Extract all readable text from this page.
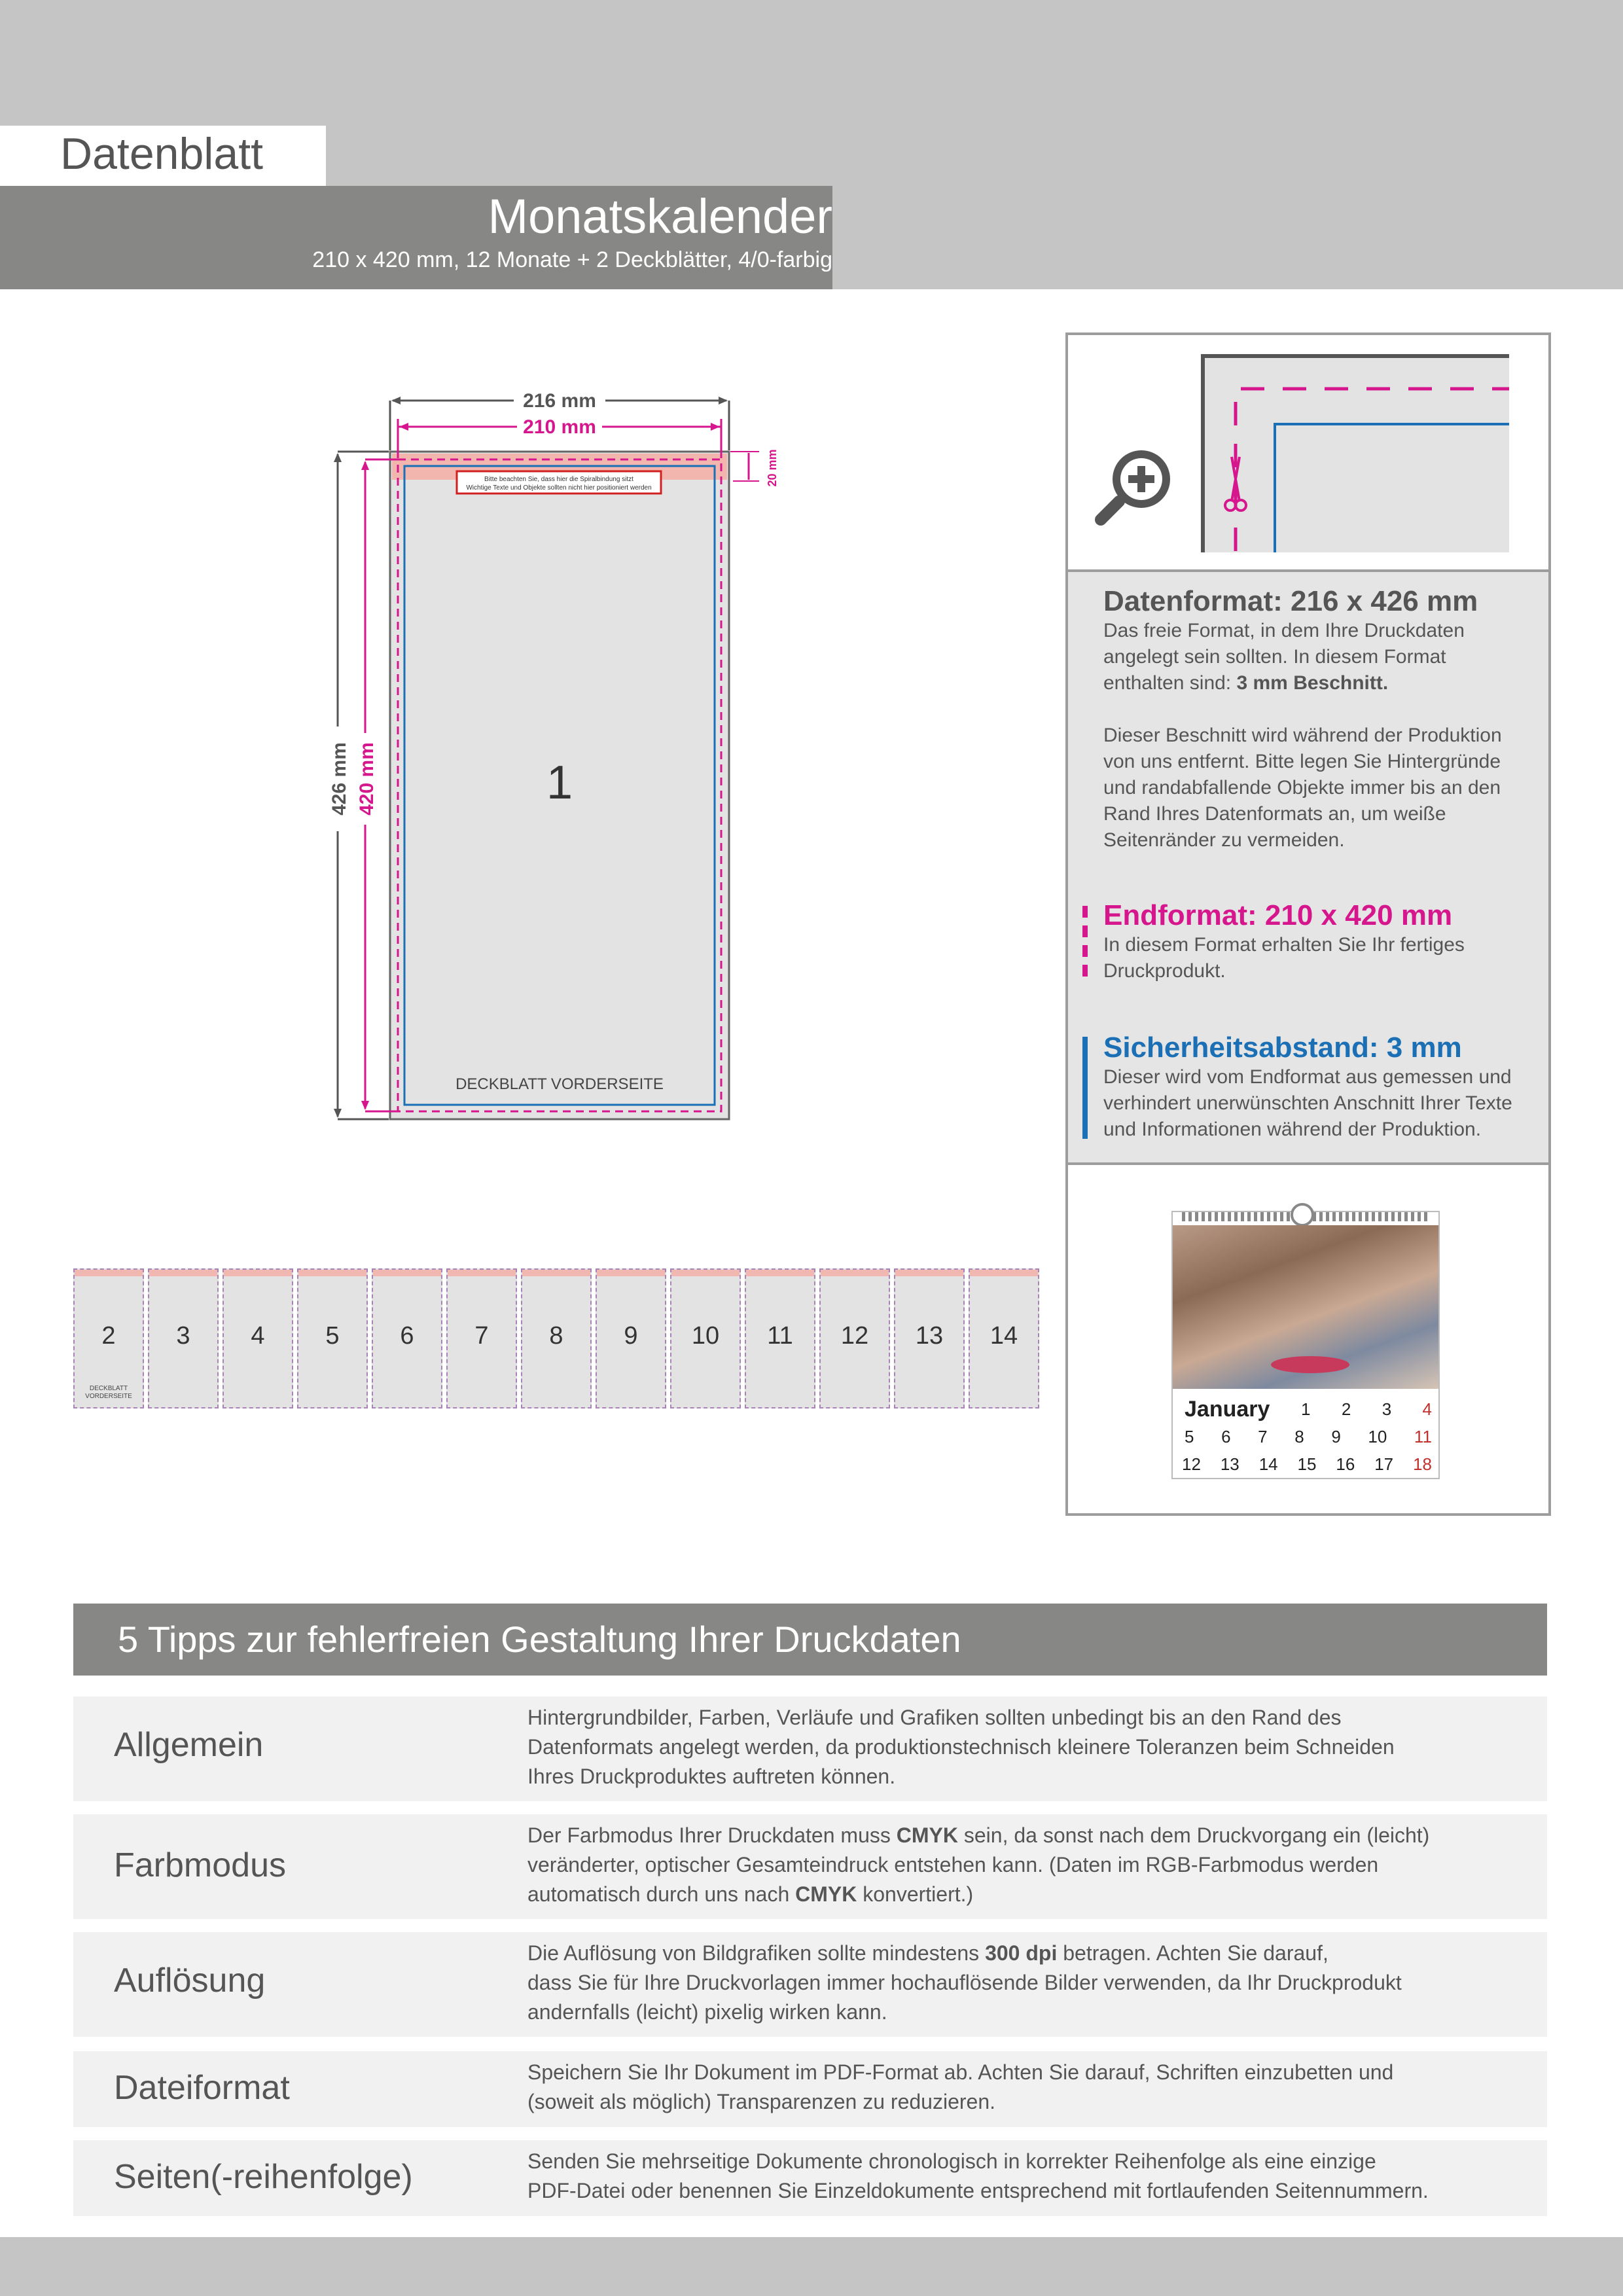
Datenblatt
Monatskalender
210 x 420 mm, 12 Monate + 2 Deckblätter, 4/0-farbig
Bitte beachten Sie, dass hier die Spiralbindung sitzt
Wichtige Texte und Objekte sollten nicht hier positioniert werden
216 mm
210 mm
426 mm 420 mm
20 mm
1
DECKBLATT VORDERSEITE
2
DECKBLATT
VORDERSEITE
3	4	5	6	7	8	9	10	11	12	13	14
Datenformat: 216 x 426 mm
Das freie Format, in dem Ihre Druckdaten
angelegt sein sollten. In diesem Format
enthalten sind: 3 mm Beschnitt.
Dieser Beschnitt wird während der Produktion
von uns entfernt. Bitte legen Sie Hintergründe
und randabfallende Objekte immer bis an den
Rand Ihres Datenformats an, um weiße
Seitenränder zu vermeiden.
Endformat: 210 x 420 mm
In diesem Format erhalten Sie Ihr fertiges
Druckprodukt.
Sicherheitsabstand: 3 mm
Dieser wird vom Endformat aus gemessen und
verhindert unerwünschten Anschnitt Ihrer Texte
und Informationen während der Produktion.
January 1 2 3 4
5 6 7 8 9 10 11
12 13 14 15 16 17 18
5 Tipps zur fehlerfreien Gestaltung Ihrer Druckdaten
Allgemein
Hintergrundbilder, Farben, Verläufe und Grafiken sollten unbedingt bis an den Rand des
Datenformats angelegt werden, da produktionstechnisch kleinere Toleranzen beim Schneiden
Ihres Druckproduktes auftreten können.
Farbmodus
Der Farbmodus Ihrer Druckdaten muss CMYK sein, da sonst nach dem Druckvorgang ein (leicht)
veränderter, optischer Gesamteindruck entstehen kann. (Daten im RGB-Farbmodus werden
automatisch durch uns nach CMYK konvertiert.)
Auflösung
Die Auflösung von Bildgrafiken sollte mindestens 300 dpi betragen. Achten Sie darauf,
dass Sie für Ihre Druckvorlagen immer hochauflösende Bilder verwenden, da Ihr Druckprodukt
andernfalls (leicht) pixelig wirken kann.
Dateiformat	Speichern Sie Ihr Dokument im PDF-Format ab. Achten Sie darauf, Schriften einzubetten und
(soweit als möglich) Transparenzen zu reduzieren.
Seiten(-reihenfolge)	Senden Sie mehrseitige Dokumente chronologisch in korrekter Reihenfolge als eine einzige
PDF-Datei oder benennen Sie Einzeldokumente entsprechend mit fortlaufenden Seitennummern.
